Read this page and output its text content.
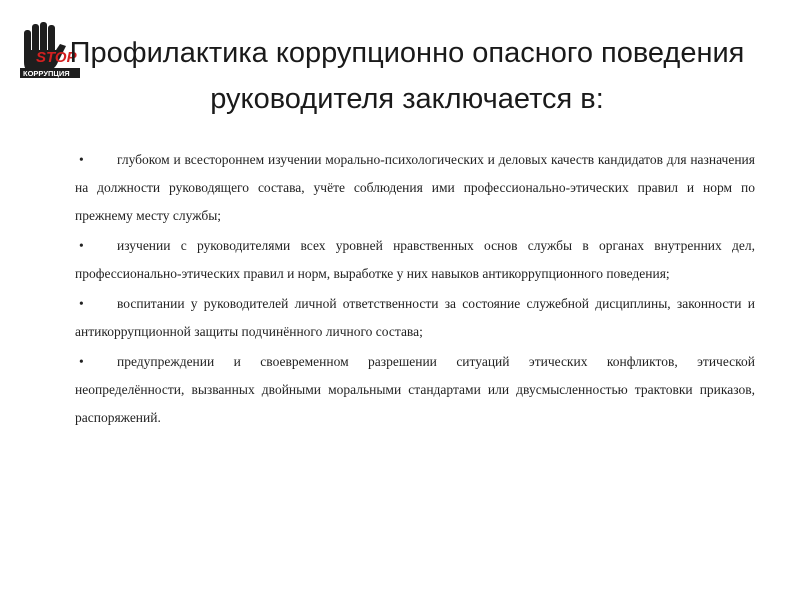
STOP
КОРРУПЦИЯ
Профилактика коррупционно опасного поведения руководителя заключается в:
• глубоком и всестороннем изучении морально-психологических и деловых качеств кандидатов для назначения на должности руководящего состава, учёте соблюдения ими профессионально-этических правил и норм по прежнему месту службы;
• изучении с руководителями всех уровней нравственных основ службы в органах внутренних дел, профессионально-этических правил и норм, выработке у них навыков антикоррупционного поведения;
• воспитании у руководителей личной ответственности за состояние служебной дисциплины, законности и антикоррупционной защиты подчинённого личного состава;
• предупреждении и своевременном разрешении ситуаций этических конфликтов, этической неопределённости, вызванных двойными моральными стандартами или двусмысленностью трактовки приказов, распоряжений.
